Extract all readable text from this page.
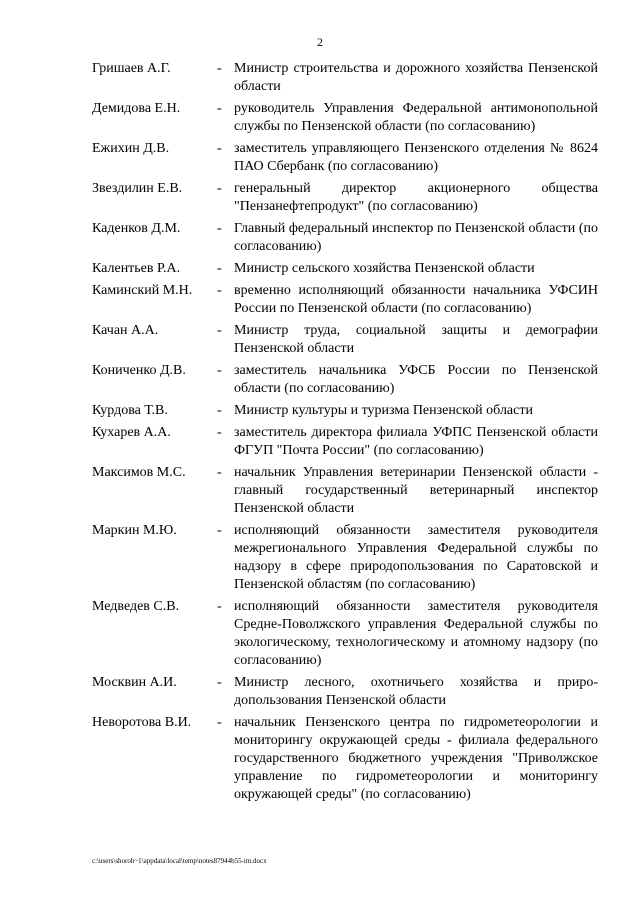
2
Гришаев А.Г.	- Министр строительства и дорожного хозяйства Пензенской области
Демидова Е.Н.	- руководитель Управления Федеральной антимонопольной службы по Пензенской области (по согласованию)
Ежихин Д.В.	- заместитель управляющего Пензенского отделения № 8624 ПАО Сбербанк (по согласованию)
Звездилин Е.В.	- генеральный директор акционерного общества "Пензанефтепродукт" (по согласованию)
Каденков Д.М.	- Главный федеральный инспектор по Пензенской области (по согласованию)
Калентьев Р.А.	- Министр сельского хозяйства Пензенской области
Каминский М.Н.	- временно исполняющий обязанности начальника УФСИН России по Пензенской области (по согласованию)
Качан А.А.	- Министр труда, социальной защиты и демографии Пензенской области
Кониченко Д.В.	- заместитель начальника УФСБ России по Пензенской области (по согласованию)
Курдова Т.В.	- Министр культуры и туризма Пензенской области
Кухарев А.А.	- заместитель директора филиала УФПС Пензенской области ФГУП "Почта России" (по согласованию)
Максимов М.С.	- начальник Управления ветеринарии Пензенской области - главный государственный ветеринарный инспектор Пензенской области
Маркин М.Ю.	- исполняющий обязанности заместителя руководителя межрегионального Управления Федеральной службы по надзору в сфере природопользования по Саратовской и Пензенской областям (по согласованию)
Медведев С.В.	- исполняющий обязанности заместителя руководителя Средне-Поволжского управления Федеральной службы по экологическому, технологическому и атомному надзору (по согласованию)
Москвин А.И.	- Министр лесного, охотничьего хозяйства и природопользования Пензенской области
Неворотова В.И.	- начальник Пензенского центра по гидрометеорологии и мониторингу окружающей среды - филиала федерального государственного бюджетного учреждения "Приволжское управление по гидрометеорологии и мониторингу окружающей среды" (по согласованию)
c:\users\shoroh~1\appdata\local\temp\notes87944b55-im.docx
